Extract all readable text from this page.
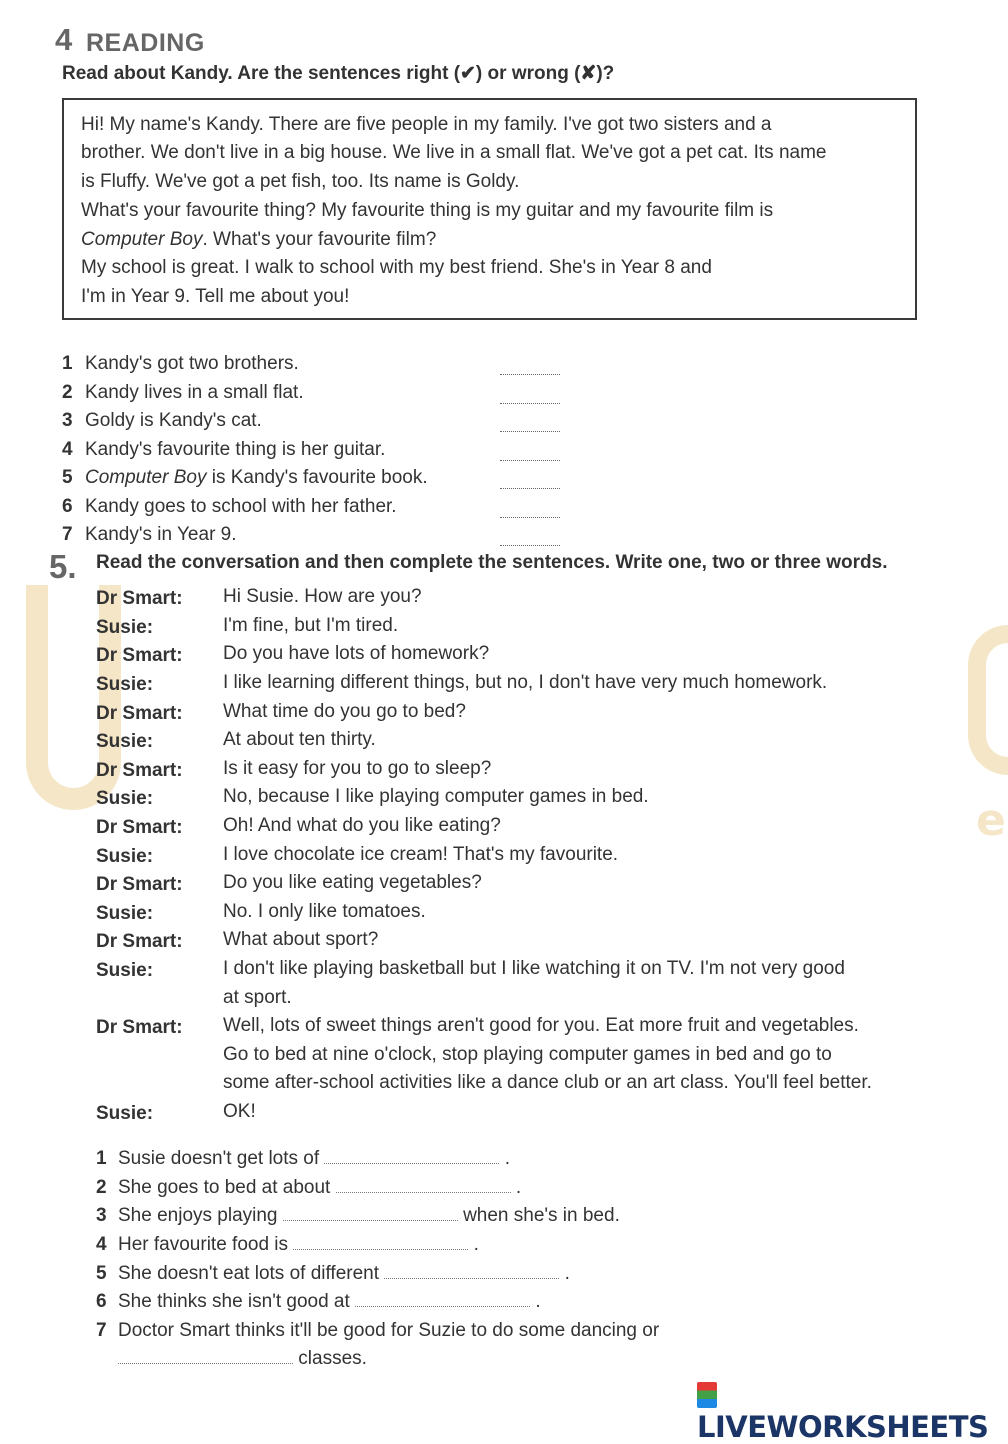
e
4 READING
Read about Kandy. Are the sentences right (✔) or wrong (✘)?
Hi! My name's Kandy. There are five people in my family. I've got two sisters and a
brother. We don't live in a big house. We live in a small flat. We've got a pet cat. Its name
is Fluffy. We've got a pet fish, too. Its name is Goldy.
What's your favourite thing? My favourite thing is my guitar and my favourite film is
Computer Boy. What's your favourite film?
My school is great. I walk to school with my best friend. She's in Year 8 and
I'm in Year 9. Tell me about you!
1 Kandy's got two brothers.
2 Kandy lives in a small flat.
3 Goldy is Kandy's cat.
4 Kandy's favourite thing is her guitar.
5 Computer Boy is Kandy's favourite book.
6 Kandy goes to school with her father.
7 Kandy's in Year 9.
5. Read the conversation and then complete the sentences. Write one, two or three words.
Dr Smart: Hi Susie. How are you?
Susie:	I'm fine, but I'm tired.
Dr Smart: Do you have lots of homework?
Susie:	I like learning different things, but no, I don't have very much homework.
Dr Smart: What time do you go to bed?
Susie:	At about ten thirty.
Dr Smart: Is it easy for you to go to sleep?
Susie:	No, because I like playing computer games in bed.
Dr Smart: Oh! And what do you like eating?
Susie:	I love chocolate ice cream! That's my favourite.
Dr Smart: Do you like eating vegetables?
Susie:	No. I only like tomatoes.
Dr Smart: What about sport?
Susie:	I don't like playing basketball but I like watching it on TV. I'm not very good
at sport.
Dr Smart: Well, lots of sweet things aren't good for you. Eat more fruit and vegetables.
Go to bed at nine o'clock, stop playing computer games in bed and go to
some after-school activities like a dance club or an art class. You'll feel better.
Susie:	OK!
1 Susie doesn't get lots of	.
2 She goes to bed at about	.
3 She enjoys playing	when she's in bed.
4 Her favourite food is	.
5 She doesn't eat lots of different	.
6 She thinks she isn't good at	.
7 Doctor Smart thinks it'll be good for Suzie to do some dancing or
classes.
LIVEWORKSHEETS
